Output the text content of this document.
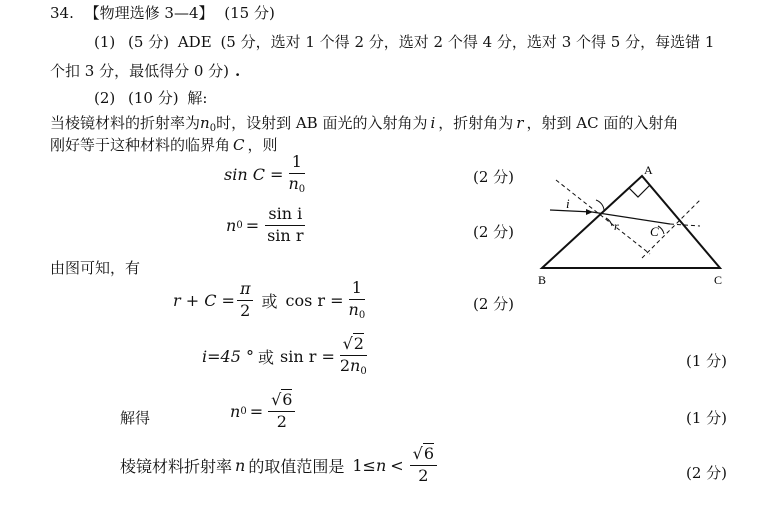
34. 【物理选修 3—4】 (15 分)
(1) (5 分) ADE (5 分，选对 1 个得 2 分，选对 2 个得 4 分，选对 3 个得 5 分，每选错 1
个扣 3 分，最低得分 0 分) .
(2) (10 分) 解:
当棱镜材料的折射率为$n_0$时，设射到 AB 面光的入射角为 i ，折射角为 r ，射到 AC 面的入射角
刚好等于这种材料的临界角 C ，则
$\sin C = \frac{1}{n_0}$	(2 分)
n $0 = \frac{\text{sin i}}{\text{sin r}}$	(2 分)
由图可知，有
$r + C = \frac{\pi}{2}$ 或 $\cos r = \frac{1}{n_0}$	(2 分)
i=45 ° 或 $\sin r = \frac{√2}{2n_0}$	(1 分)
解得	n $0 = \frac{√6}{2}$	(1 分)
棱镜材料折射率 n 的取值范围是 $1\le n < \frac{√6}{2}$	(2 分)
A
B	C
i
r C
